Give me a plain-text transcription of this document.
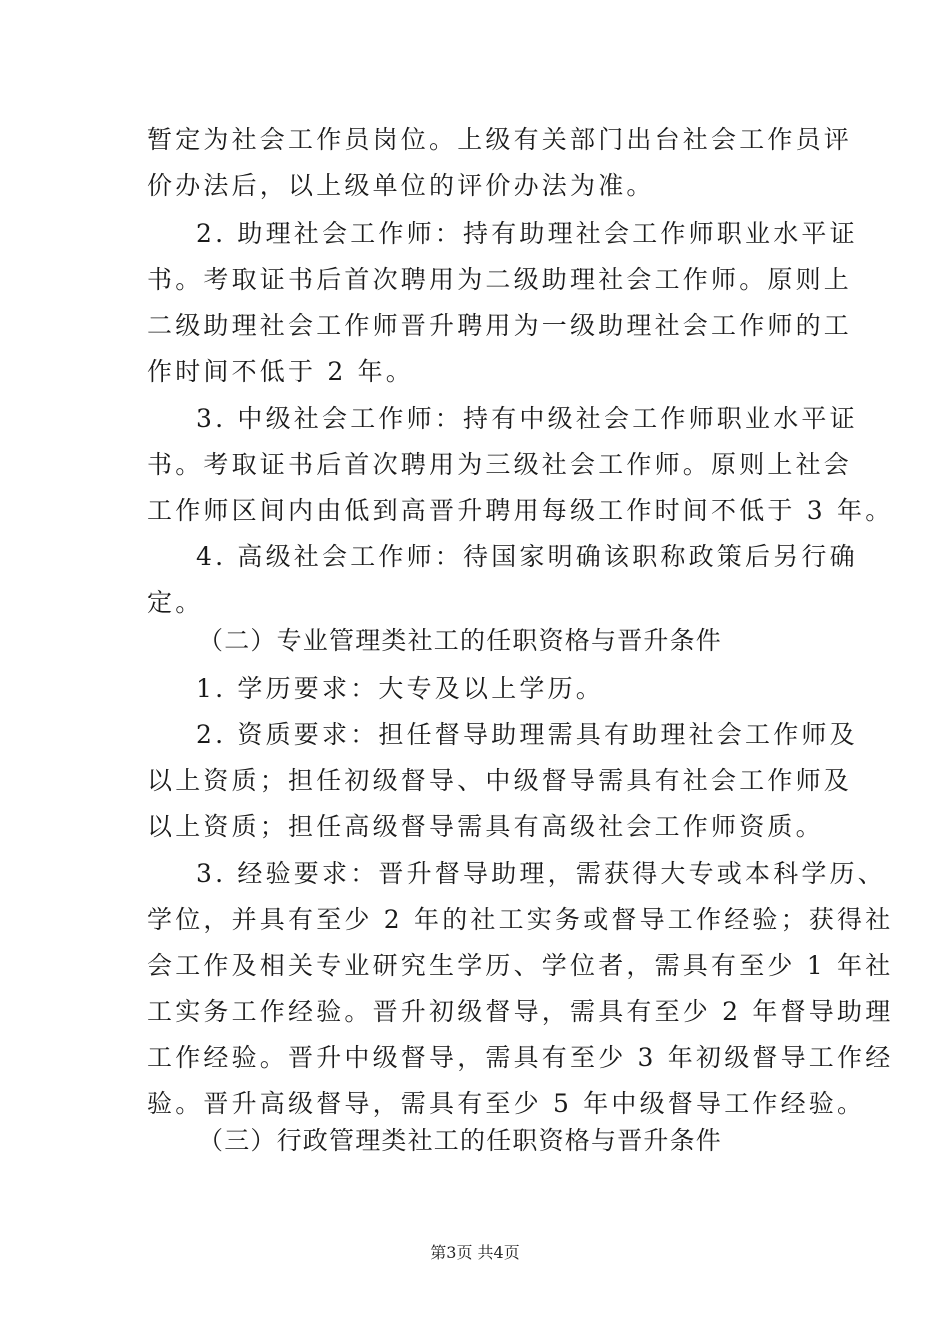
暂定为社会工作员岗位。上级有关部门出台社会工作员评
价办法后，以上级单位的评价办法为准。
2. 助理社会工作师：持有助理社会工作师职业水平证
书。考取证书后首次聘用为二级助理社会工作师。原则上
二级助理社会工作师晋升聘用为一级助理社会工作师的工
作时间不低于 2 年。
3. 中级社会工作师：持有中级社会工作师职业水平证
书。考取证书后首次聘用为三级社会工作师。原则上社会
工作师区间内由低到高晋升聘用每级工作时间不低于 3 年。
4. 高级社会工作师：待国家明确该职称政策后另行确
定。
（二）专业管理类社工的任职资格与晋升条件
1. 学历要求：大专及以上学历。
2. 资质要求：担任督导助理需具有助理社会工作师及
以上资质；担任初级督导、中级督导需具有社会工作师及
以上资质；担任高级督导需具有高级社会工作师资质。
3. 经验要求：晋升督导助理，需获得大专或本科学历、
学位，并具有至少 2 年的社工实务或督导工作经验；获得社
会工作及相关专业研究生学历、学位者，需具有至少 1 年社
工实务工作经验。晋升初级督导，需具有至少 2 年督导助理
工作经验。晋升中级督导，需具有至少 3 年初级督导工作经
验。晋升高级督导，需具有至少 5 年中级督导工作经验。
（三）行政管理类社工的任职资格与晋升条件
第3页 共4页
